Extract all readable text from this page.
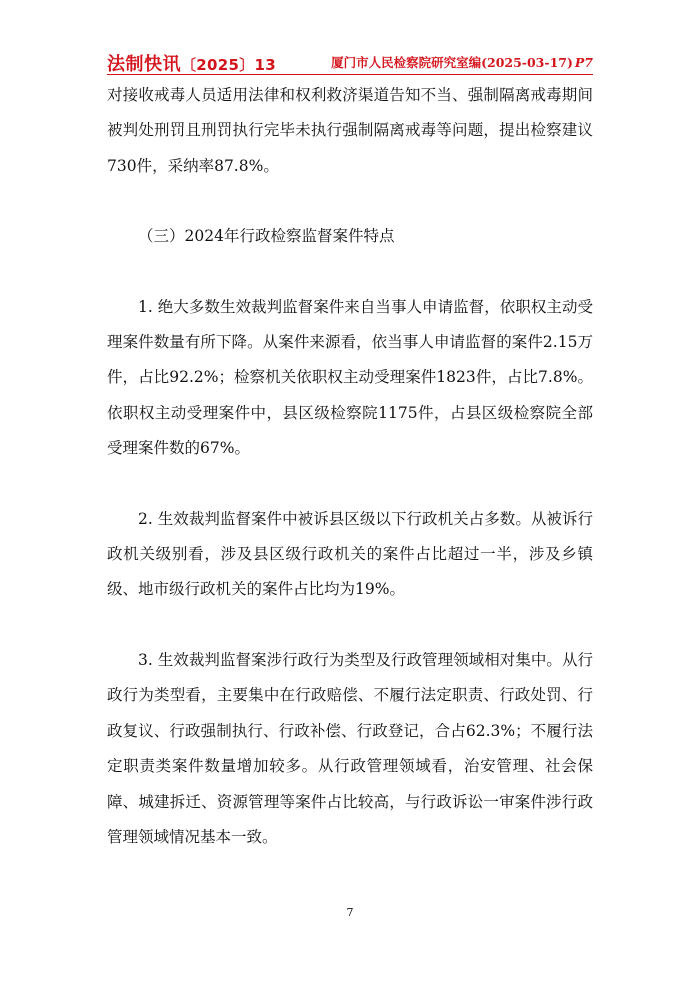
法制快讯〔2025〕13	厦门市人民检察院研究室编(2025-03-17) P7

对接收戒毒人员适用法律和权利救济渠道告知不当、强制隔离戒毒期间被判处刑罚且刑罚执行完毕未执行强制隔离戒毒等问题，提出检察建议730件，采纳率87.8%。

（三）2024年行政检察监督案件特点

1. 绝大多数生效裁判监督案件来自当事人申请监督，依职权主动受理案件数量有所下降。从案件来源看，依当事人申请监督的案件2.15万件，占比92.2%；检察机关依职权主动受理案件1823件，占比7.8%。依职权主动受理案件中，县区级检察院1175件，占县区级检察院全部受理案件数的67%。

2. 生效裁判监督案件中被诉县区级以下行政机关占多数。从被诉行政机关级别看，涉及县区级行政机关的案件占比超过一半，涉及乡镇级、地市级行政机关的案件占比均为19%。

3. 生效裁判监督案涉行政行为类型及行政管理领域相对集中。从行政行为类型看，主要集中在行政赔偿、不履行法定职责、行政处罚、行政复议、行政强制执行、行政补偿、行政登记，合占62.3%；不履行法定职责类案件数量增加较多。从行政管理领域看，治安管理、社会保障、城建拆迁、资源管理等案件占比较高，与行政诉讼一审案件涉行政管理领域情况基本一致。

7
